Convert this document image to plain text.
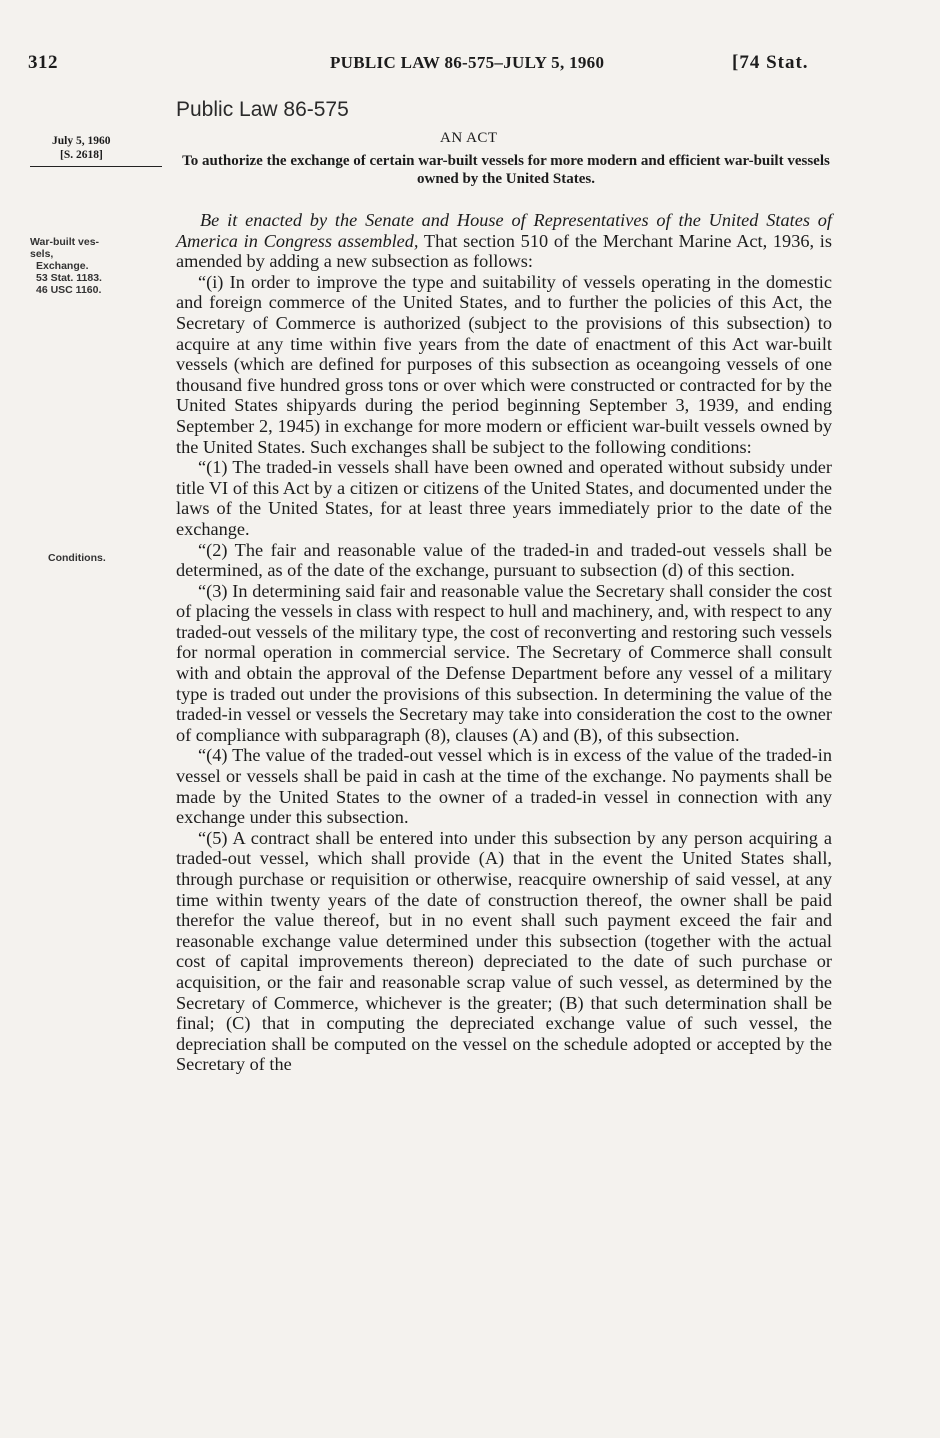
312	PUBLIC LAW 86-575–JULY 5, 1960	[74 Stat.
Public Law 86-575
AN ACT
To authorize the exchange of certain war-built vessels for more modern and efficient war-built vessels owned by the United States.
July 5, 1960
[S. 2618]
War-built ves-
sels,
Exchange.
53 Stat. 1183.
46 USC 1160.
Conditions.

Be it enacted by the Senate and House of Representatives of the United States of America in Congress assembled, That section 510 of the Merchant Marine Act, 1936, is amended by adding a new subsection as follows:

“(i) In order to improve the type and suitability of vessels operating in the domestic and foreign commerce of the United States, and to further the policies of this Act, the Secretary of Commerce is authorized (subject to the provisions of this subsection) to acquire at any time within five years from the date of enactment of this Act war-built vessels (which are defined for purposes of this subsection as oceangoing vessels of one thousand five hundred gross tons or over which were constructed or contracted for by the United States shipyards during the period beginning September 3, 1939, and ending September 2, 1945) in exchange for more modern or efficient war-built vessels owned by the United States. Such exchanges shall be subject to the following conditions:

“(1) The traded-in vessels shall have been owned and operated without subsidy under title VI of this Act by a citizen or citizens of the United States, and documented under the laws of the United States, for at least three years immediately prior to the date of the exchange.

“(2) The fair and reasonable value of the traded-in and traded-out vessels shall be determined, as of the date of the exchange, pursuant to subsection (d) of this section.

“(3) In determining said fair and reasonable value the Secretary shall consider the cost of placing the vessels in class with respect to hull and machinery, and, with respect to any traded-out vessels of the military type, the cost of reconverting and restoring such vessels for normal operation in commercial service. The Secretary of Commerce shall consult with and obtain the approval of the Defense Department before any vessel of a military type is traded out under the provisions of this subsection. In determining the value of the traded-in vessel or vessels the Secretary may take into consideration the cost to the owner of compliance with subparagraph (8), clauses (A) and (B), of this subsection.

“(4) The value of the traded-out vessel which is in excess of the value of the traded-in vessel or vessels shall be paid in cash at the time of the exchange. No payments shall be made by the United States to the owner of a traded-in vessel in connection with any exchange under this subsection.

“(5) A contract shall be entered into under this subsection by any person acquiring a traded-out vessel, which shall provide (A) that in the event the United States shall, through purchase or requisition or otherwise, reacquire ownership of said vessel, at any time within twenty years of the date of construction thereof, the owner shall be paid therefor the value thereof, but in no event shall such payment exceed the fair and reasonable exchange value determined under this subsection (together with the actual cost of capital improvements thereon) depreciated to the date of such purchase or acquisition, or the fair and reasonable scrap value of such vessel, as determined by the Secretary of Commerce, whichever is the greater; (B) that such determination shall be final; (C) that in computing the depreciated exchange value of such vessel, the depreciation shall be computed on the vessel on the schedule adopted or accepted by the Secretary of the
